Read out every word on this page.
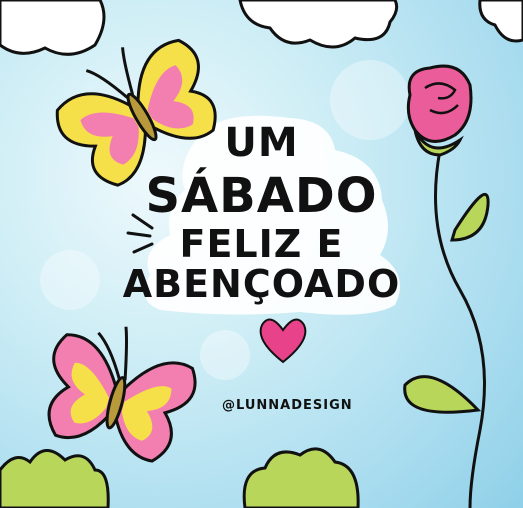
UM
SÁBADO
FELIZ E
ABENÇOADO
@LUNNADESIGN
